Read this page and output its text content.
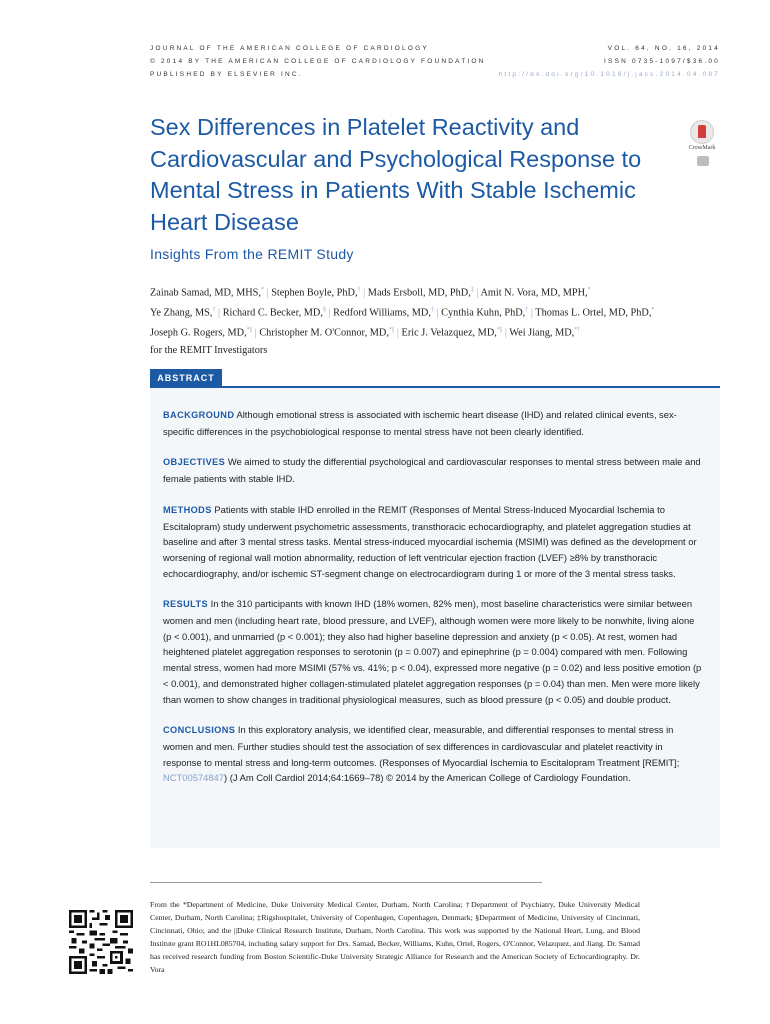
JOURNAL OF THE AMERICAN COLLEGE OF CARDIOLOGY
© 2014 BY THE AMERICAN COLLEGE OF CARDIOLOGY FOUNDATION
PUBLISHED BY ELSEVIER INC.
VOL. 64, NO. 16, 2014
ISSN 0735-1097/$36.00
http://dx.doi.org/10.1016/j.jacc.2014.04.087
Sex Differences in Platelet Reactivity and Cardiovascular and Psychological Response to Mental Stress in Patients With Stable Ischemic Heart Disease
Insights From the REMIT Study
CrossMark
Zainab Samad, MD, MHS,* | Stephen Boyle, PhD,† | Mads Ersboll, MD, PhD,‡ | Amit N. Vora, MD, MPH,*
Ye Zhang, MS,† | Richard C. Becker, MD,§ | Redford Williams, MD,† | Cynthia Kuhn, PhD,† | Thomas L. Ortel, MD, PhD,*
Joseph G. Rogers, MD,*|| | Christopher M. O'Connor, MD,*|| | Eric J. Velazquez, MD,*|| | Wei Jiang, MD,*†
for the REMIT Investigators
ABSTRACT

BACKGROUND Although emotional stress is associated with ischemic heart disease (IHD) and related clinical events, sex-specific differences in the psychobiological response to mental stress have not been clearly identified.

OBJECTIVES We aimed to study the differential psychological and cardiovascular responses to mental stress between male and female patients with stable IHD.

METHODS Patients with stable IHD enrolled in the REMIT (Responses of Mental Stress-Induced Myocardial Ischemia to Escitalopram) study underwent psychometric assessments, transthoracic echocardiography, and platelet aggregation studies at baseline and after 3 mental stress tasks. Mental stress-induced myocardial ischemia (MSIMI) was defined as the development or worsening of regional wall motion abnormality, reduction of left ventricular ejection fraction (LVEF) ≥8% by transthoracic echocardiography, and/or ischemic ST-segment change on electrocardiogram during 1 or more of the 3 mental stress tasks.

RESULTS In the 310 participants with known IHD (18% women, 82% men), most baseline characteristics were similar between women and men (including heart rate, blood pressure, and LVEF), although women were more likely to be nonwhite, living alone (p < 0.001), and unmarried (p < 0.001); they also had higher baseline depression and anxiety (p < 0.05). At rest, women had heightened platelet aggregation responses to serotonin (p = 0.007) and epinephrine (p = 0.004) compared with men. Following mental stress, women had more MSIMI (57% vs. 41%; p < 0.04), expressed more negative (p = 0.02) and less positive emotion (p < 0.001), and demonstrated higher collagen-stimulated platelet aggregation responses (p = 0.04) than men. Men were more likely than women to show changes in traditional physiological measures, such as blood pressure (p < 0.05) and double product.

CONCLUSIONS In this exploratory analysis, we identified clear, measurable, and differential responses to mental stress in women and men. Further studies should test the association of sex differences in cardiovascular and platelet reactivity in response to mental stress and long-term outcomes. (Responses of Myocardial Ischemia to Escitalopram Treatment [REMIT]; NCT00574847) (J Am Coll Cardiol 2014;64:1669–78) © 2014 by the American College of Cardiology Foundation.

From the *Department of Medicine, Duke University Medical Center, Durham, North Carolina; †Department of Psychiatry, Duke University Medical Center, Durham, North Carolina; ‡Rigshospitalet, University of Copenhagen, Copenhagen, Denmark; §Department of Medicine, University of Cincinnati, Cincinnati, Ohio; and the ||Duke Clinical Research Institute, Durham, North Carolina. This work was supported by the National Heart, Lung, and Blood Institute grant RO1HL085704, including salary support for Drs. Samad, Becker, Williams, Kuhn, Ortel, Rogers, O'Connor, Velazquez, and Jiang. Dr. Samad has received research funding from Boston Scientific-Duke University Strategic Alliance for Research and the American Society of Echocardiography. Dr. Vora
